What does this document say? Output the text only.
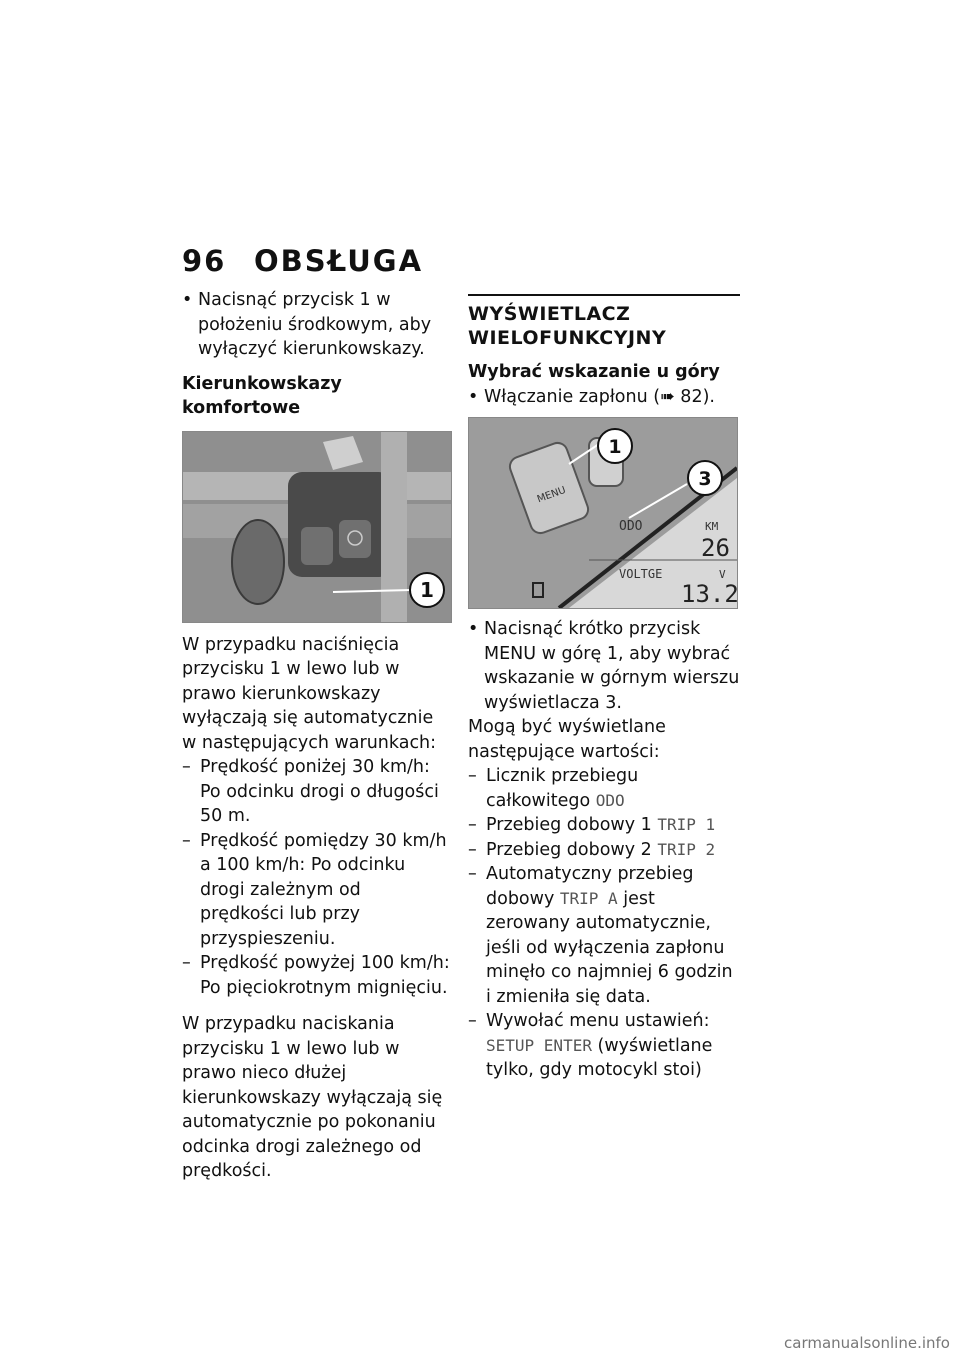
96 OBSŁUGA

• Nacisnąć przycisk 1 w położeniu środkowym, aby wyłączyć kierunkowskazy.

Kierunkowskazy komfortowe

1

W przypadku naciśnięcia przycisku 1 w lewo lub w prawo kierunkowskazy wyłączają się automatycznie w następujących warunkach:

– Prędkość poniżej 30 km/h: Po odcinku drogi o długości 50 m.

– Prędkość pomiędzy 30 km/h a 100 km/h: Po odcinku drogi zależnym od prędkości lub przy przyspieszeniu.

– Prędkość powyżej 100 km/h: Po pięciokrotnym mignięciu.

W przypadku naciskania przycisku 1 w lewo lub w prawo nieco dłużej kierunkowskazy wyłączają się automatycznie po pokonaniu odcinka drogi zależnego od prędkości.

WYŚWIETLACZ WIELOFUNKCYJNY

Wybrać wskazanie u góry

• Włączanie zapłonu (➠ 82).

MENU
1
3
ODO	KM
26
VOLTGE	V
13.2

• Nacisnąć krótko przycisk MENU w górę 1, aby wybrać wskazanie w górnym wierszu wyświetlacza 3.

Mogą być wyświetlane następujące wartości:

– Licznik przebiegu całkowitego ODO

– Przebieg dobowy 1 TRIP 1

– Przebieg dobowy 2 TRIP 2

– Automatyczny przebieg dobowy TRIP A jest zerowany automatycznie, jeśli od wyłączenia zapłonu minęło co najmniej 6 godzin i zmieniła się data.

– Wywołać menu ustawień: SETUP ENTER (wyświetlane tylko, gdy motocykl stoi)

carmanualsonline.info
